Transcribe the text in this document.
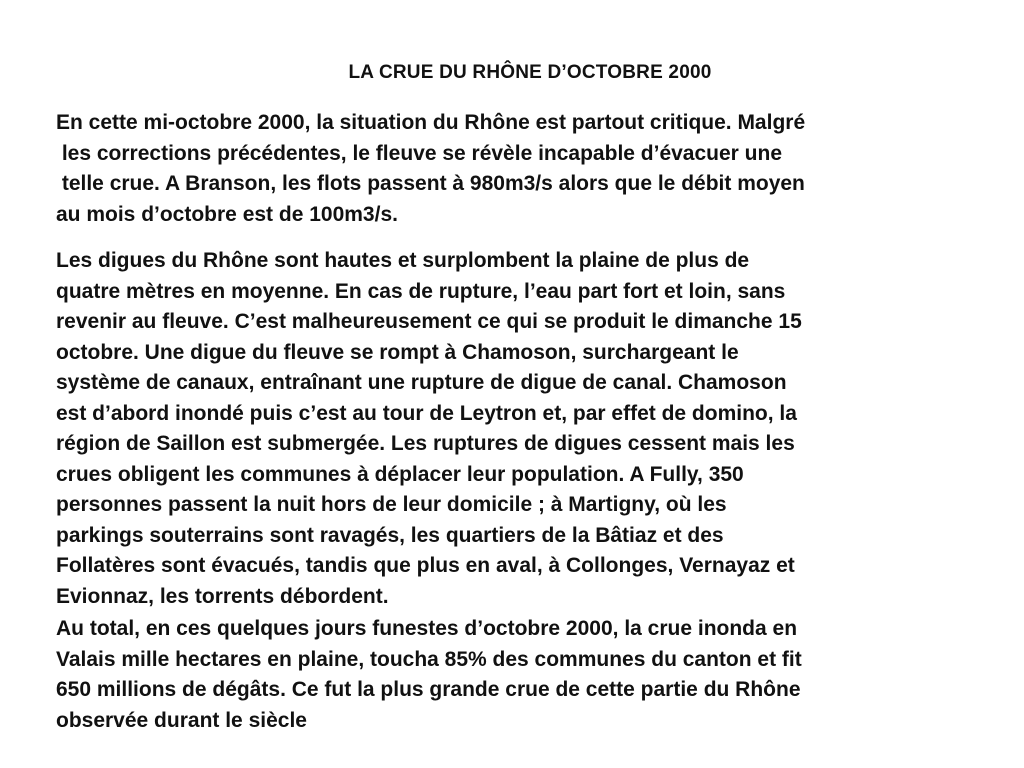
LA CRUE DU RHÔNE D’OCTOBRE 2000
En cette mi-octobre 2000, la situation du Rhône est partout critique. Malgré
les corrections précédentes, le fleuve se révèle incapable d’évacuer une
telle crue. A Branson, les flots passent à 980m3/s alors que le débit moyen
au mois d’octobre est de 100m3/s.
Les digues du Rhône sont hautes et surplombent la plaine de plus de
quatre mètres en moyenne. En cas de rupture, l’eau part fort et loin, sans
revenir au fleuve. C’est malheureusement ce qui se produit le dimanche 15
octobre. Une digue du fleuve se rompt à Chamoson, surchargeant le
système de canaux, entraînant une rupture de digue de canal. Chamoson
est d’abord inondé puis c’est au tour de Leytron et, par effet de domino, la
région de Saillon est submergée. Les ruptures de digues cessent mais les
crues obligent les communes à déplacer leur population. A Fully, 350
personnes passent la nuit hors de leur domicile ; à Martigny, où les
parkings souterrains sont ravagés, les quartiers de la Bâtiaz et des
Follatères sont évacués, tandis que plus en aval, à Collonges, Vernayaz et
Evionnaz, les torrents débordent.
Au total, en ces quelques jours funestes d’octobre 2000, la crue inonda en
Valais mille hectares en plaine, toucha 85% des communes du canton et fit
650 millions de dégâts. Ce fut la plus grande crue de cette partie du Rhône
observée durant le siècle
